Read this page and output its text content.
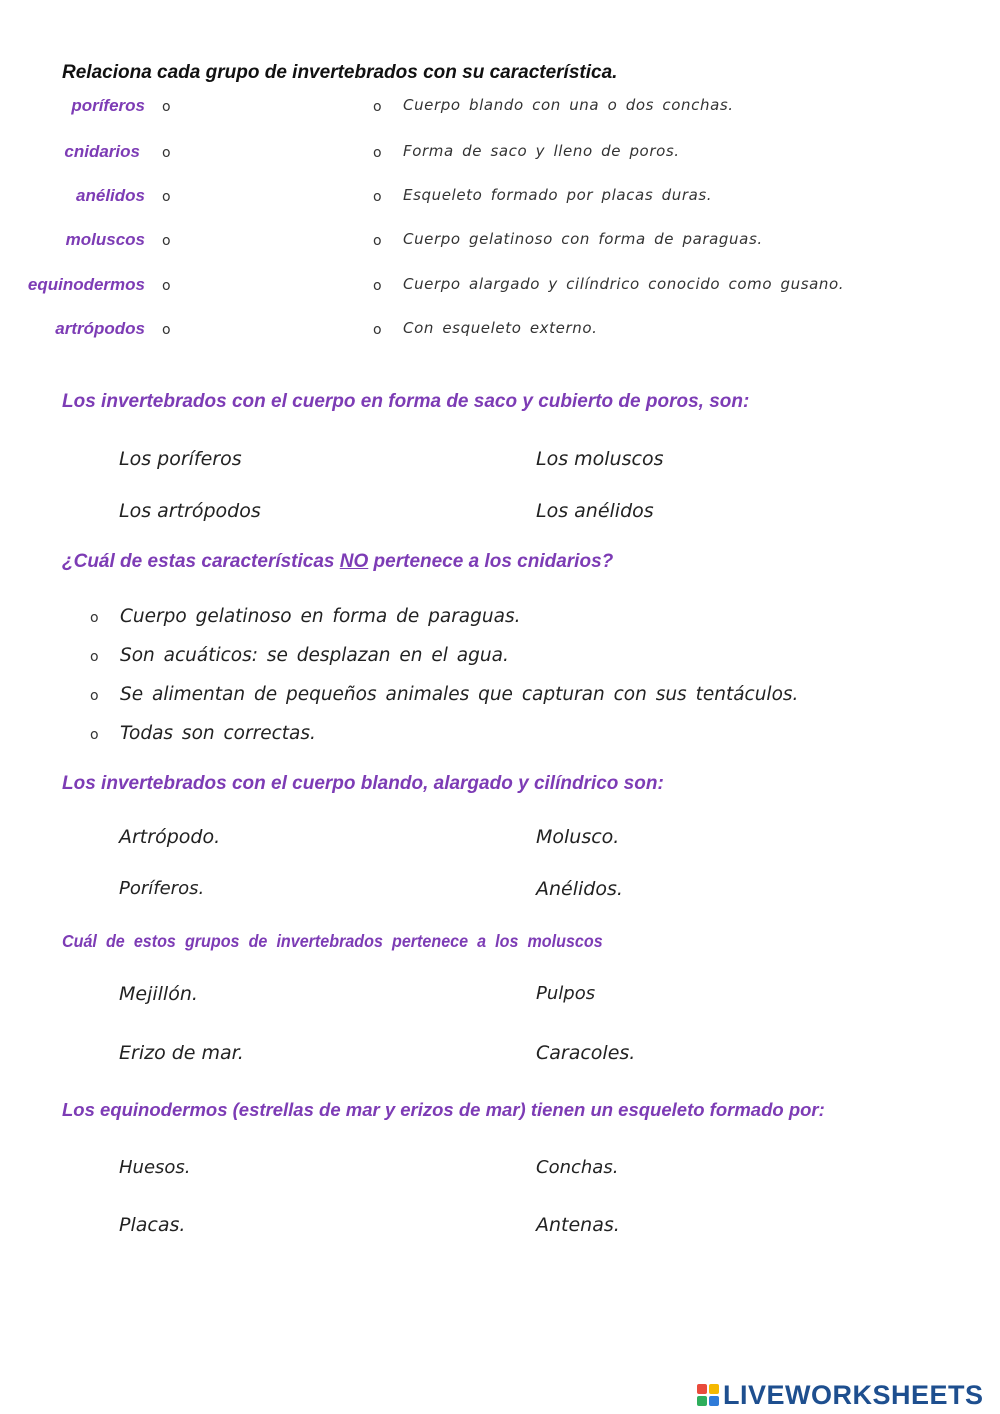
Relaciona cada grupo de invertebrados con su característica.
poríferos o	o Cuerpo blando con una o dos conchas.
cnidarios o	o Forma de saco y lleno de poros.
anélidos o	o Esqueleto formado por placas duras.
moluscos o	o Cuerpo gelatinoso con forma de paraguas.
equinodermos o	o Cuerpo alargado y cilíndrico conocido como gusano.
artrópodos o	o Con esqueleto externo.

Los invertebrados con el cuerpo en forma de saco y cubierto de poros, son:

Los poríferos	Los moluscos
Los artrópodos	Los anélidos

¿Cuál de estas características NO pertenece a los cnidarios?

o Cuerpo gelatinoso en forma de paraguas.
o Son acuáticos: se desplazan en el agua.
o Se alimentan de pequeños animales que capturan con sus tentáculos.
o Todas son correctas.

Los invertebrados con el cuerpo blando, alargado y cilíndrico son:

Artrópodo.	Molusco.
Poríferos.	Anélidos.

Cuál de estos grupos de invertebrados pertenece a los moluscos

Mejillón.	Pulpos
Erizo de mar.	Caracoles.

Los equinodermos (estrellas de mar y erizos de mar) tienen un esqueleto formado por:

Huesos.	Conchas.
Placas.	Antenas.
LIVEWORKSHEETS
